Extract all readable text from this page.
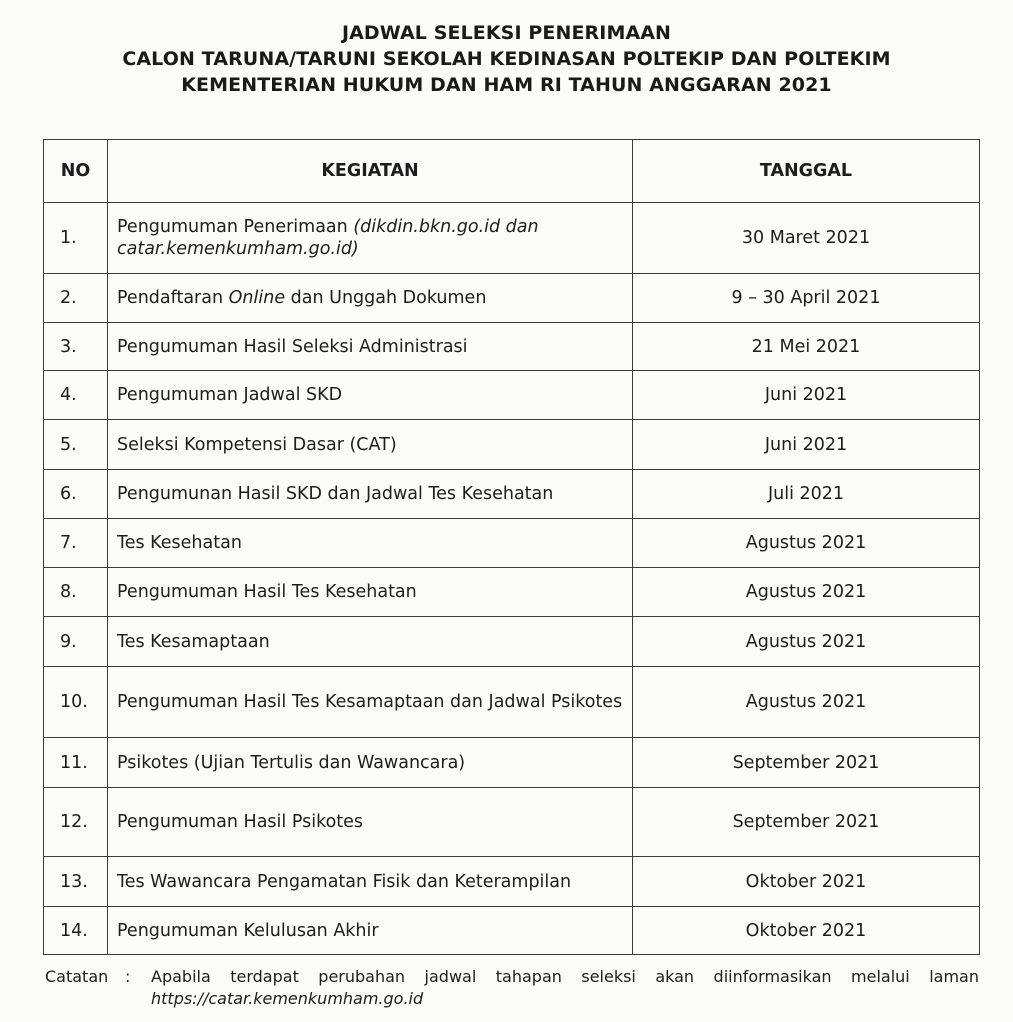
JADWAL SELEKSI PENERIMAAN
CALON TARUNA/TARUNI SEKOLAH KEDINASAN POLTEKIP DAN POLTEKIM
KEMENTERIAN HUKUM DAN HAM RI TAHUN ANGGARAN 2021
NO	KEGIATAN	TANGGAL
1.	Pengumuman Penerimaan (dikdin.bkn.go.id dan catar.kemenkumham.go.id)	30 Maret 2021
2.	Pendaftaran Online dan Unggah Dokumen	9 – 30 April 2021
3.	Pengumuman Hasil Seleksi Administrasi	21 Mei 2021
4.	Pengumuman Jadwal SKD	Juni 2021
5.	Seleksi Kompetensi Dasar (CAT)	Juni 2021
6.	Pengumunan Hasil SKD dan Jadwal Tes Kesehatan	Juli 2021
7.	Tes Kesehatan	Agustus 2021
8.	Pengumuman Hasil Tes Kesehatan	Agustus 2021
9.	Tes Kesamaptaan	Agustus 2021
10.	Pengumuman Hasil Tes Kesamaptaan dan Jadwal Psikotes	Agustus 2021
11.	Psikotes (Ujian Tertulis dan Wawancara)	September 2021
12.	Pengumuman Hasil Psikotes	September 2021
13.	Tes Wawancara Pengamatan Fisik dan Keterampilan	Oktober 2021
14.	Pengumuman Kelulusan Akhir	Oktober 2021
Catatan	:	Apabila terdapat perubahan jadwal tahapan seleksi akan diinformasikan melalui laman
https://catar.kemenkumham.go.id
